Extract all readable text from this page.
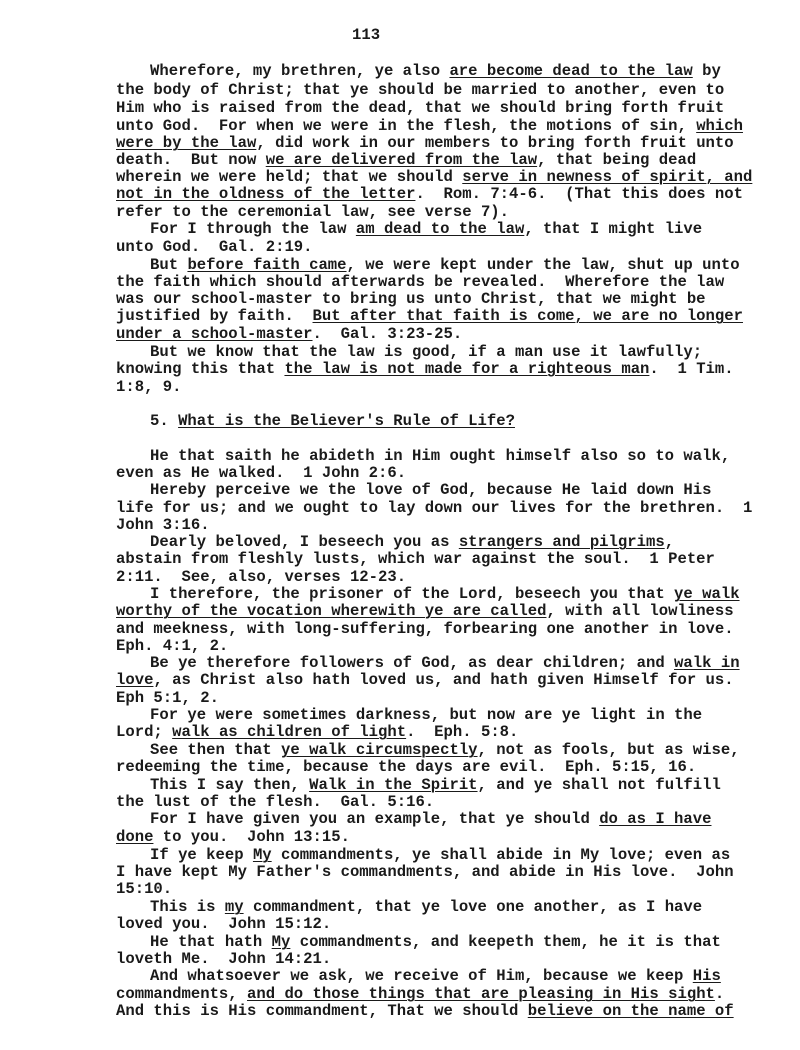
113
Wherefore, my brethren, ye also are become dead to the law by
the body of Christ; that ye should be married to another, even to
Him who is raised from the dead, that we should bring forth fruit
unto God.  For when we were in the flesh, the motions of sin, which
were by the law, did work in our members to bring forth fruit unto
death.  But now we are delivered from the law, that being dead
wherein we were held; that we should serve in newness of spirit, and
not in the oldness of the letter.  Rom. 7:4-6.  (That this does not
refer to the ceremonial law, see verse 7).
For I through the law am dead to the law, that I might live
unto God.  Gal. 2:19.
But before faith came, we were kept under the law, shut up unto
the faith which should afterwards be revealed.  Wherefore the law
was our school-master to bring us unto Christ, that we might be
justified by faith.  But after that faith is come, we are no longer
under a school-master.  Gal. 3:23-25.
But we know that the law is good, if a man use it lawfully;
knowing this that the law is not made for a righteous man.  1 Tim.
1:8, 9.
5. What is the Believer's Rule of Life?
He that saith he abideth in Him ought himself also so to walk,
even as He walked.  1 John 2:6.
Hereby perceive we the love of God, because He laid down His
life for us; and we ought to lay down our lives for the brethren.  1
John 3:16.
Dearly beloved, I beseech you as strangers and pilgrims,
abstain from fleshly lusts, which war against the soul.  1 Peter
2:11.  See, also, verses 12-23.
I therefore, the prisoner of the Lord, beseech you that ye walk
worthy of the vocation wherewith ye are called, with all lowliness
and meekness, with long-suffering, forbearing one another in love.
Eph. 4:1, 2.
Be ye therefore followers of God, as dear children; and walk in
love, as Christ also hath loved us, and hath given Himself for us.
Eph 5:1, 2.
For ye were sometimes darkness, but now are ye light in the
Lord; walk as children of light.  Eph. 5:8.
See then that ye walk circumspectly, not as fools, but as wise,
redeeming the time, because the days are evil.  Eph. 5:15, 16.
This I say then, Walk in the Spirit, and ye shall not fulfill
the lust of the flesh.  Gal. 5:16.
For I have given you an example, that ye should do as I have
done to you.  John 13:15.
If ye keep My commandments, ye shall abide in My love; even as
I have kept My Father's commandments, and abide in His love.  John
15:10.
This is my commandment, that ye love one another, as I have
loved you.  John 15:12.
He that hath My commandments, and keepeth them, he it is that
loveth Me.  John 14:21.
And whatsoever we ask, we receive of Him, because we keep His
commandments, and do those things that are pleasing in His sight.
And this is His commandment, That we should believe on the name of
